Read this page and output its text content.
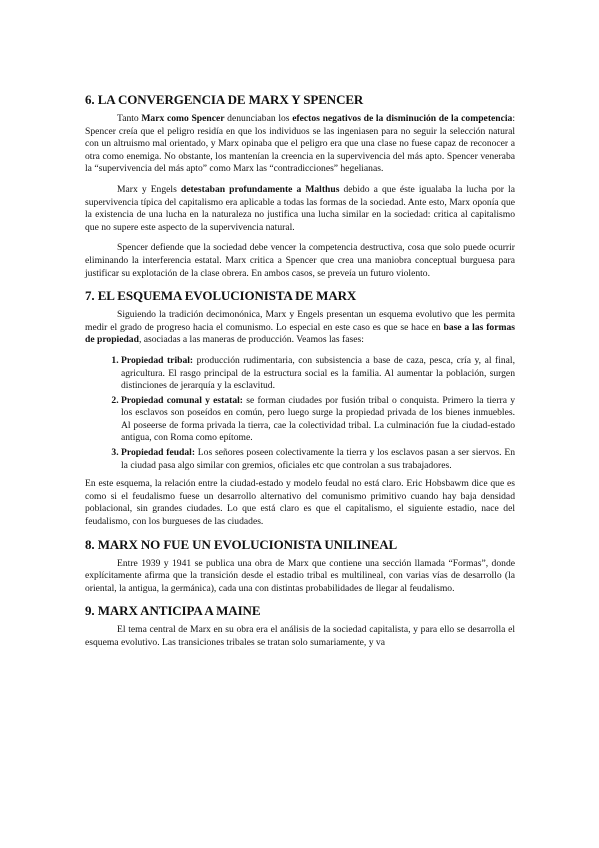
6. LA CONVERGENCIA DE MARX Y SPENCER

Tanto Marx como Spencer denunciaban los efectos negativos de la disminución de la competencia: Spencer creía que el peligro residía en que los individuos se las ingeniasen para no seguir la selección natural con un altruismo mal orientado, y Marx opinaba que el peligro era que una clase no fuese capaz de reconocer a otra como enemiga. No obstante, los mantenían la creencia en la supervivencia del más apto. Spencer veneraba la “supervivencia del más apto” como Marx las “contradicciones” hegelianas.

Marx y Engels detestaban profundamente a Malthus debido a que éste igualaba la lucha por la supervivencia típica del capitalismo era aplicable a todas las formas de la sociedad. Ante esto, Marx oponía que la existencia de una lucha en la naturaleza no justifica una lucha similar en la sociedad: critica al capitalismo que no supere este aspecto de la supervivencia natural.

Spencer defiende que la sociedad debe vencer la competencia destructiva, cosa que solo puede ocurrir eliminando la interferencia estatal. Marx critica a Spencer que crea una maniobra conceptual burguesa para justificar su explotación de la clase obrera. En ambos casos, se preveía un futuro violento.

7. EL ESQUEMA EVOLUCIONISTA DE MARX

Siguiendo la tradición decimonónica, Marx y Engels presentan un esquema evolutivo que les permita medir el grado de progreso hacia el comunismo. Lo especial en este caso es que se hace en base a las formas de propiedad, asociadas a las maneras de producción. Veamos las fases:

1. Propiedad tribal: producción rudimentaria, con subsistencia a base de caza, pesca, cría y, al final, agricultura. El rasgo principal de la estructura social es la familia. Al aumentar la población, surgen distinciones de jerarquía y la esclavitud.
2. Propiedad comunal y estatal: se forman ciudades por fusión tribal o conquista. Primero la tierra y los esclavos son poseídos en común, pero luego surge la propiedad privada de los bienes inmuebles. Al poseerse de forma privada la tierra, cae la colectividad tribal. La culminación fue la ciudad-estado antigua, con Roma como epítome.
3. Propiedad feudal: Los señores poseen colectivamente la tierra y los esclavos pasan a ser siervos. En la ciudad pasa algo similar con gremios, oficiales etc que controlan a sus trabajadores.

En este esquema, la relación entre la ciudad-estado y modelo feudal no está claro. Eric Hobsbawm dice que es como si el feudalismo fuese un desarrollo alternativo del comunismo primitivo cuando hay baja densidad poblacional, sin grandes ciudades. Lo que está claro es que el capitalismo, el siguiente estadio, nace del feudalismo, con los burgueses de las ciudades.

8. MARX NO FUE UN EVOLUCIONISTA UNILINEAL

Entre 1939 y 1941 se publica una obra de Marx que contiene una sección llamada “Formas”, donde explícitamente afirma que la transición desde el estadio tribal es multilineal, con varias vías de desarrollo (la oriental, la antigua, la germánica), cada una con distintas probabilidades de llegar al feudalismo.

9. MARX ANTICIPA A MAINE

El tema central de Marx en su obra era el análisis de la sociedad capitalista, y para ello se desarrolla el esquema evolutivo. Las transiciones tribales se tratan solo sumariamente, y va
